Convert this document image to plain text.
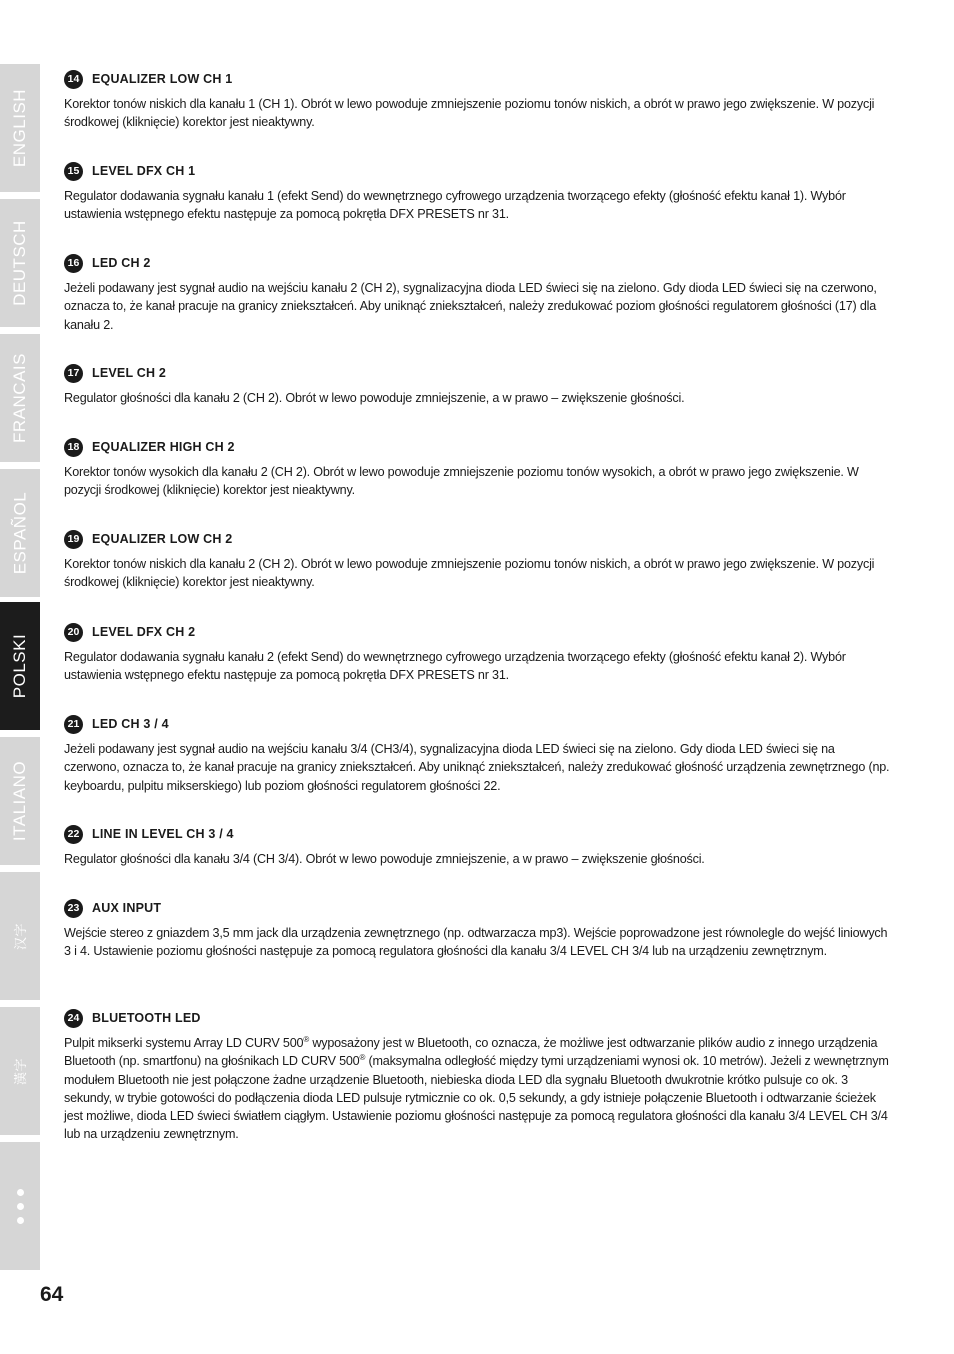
ENGLISH
DEUTSCH
FRANCAIS
ESPAÑOL
POLSKI
ITALIANO
汉字
漢字
14 EQUALIZER LOW CH 1

Korektor tonów niskich dla kanału 1 (CH 1). Obrót w lewo powoduje zmniejszenie poziomu tonów niskich, a obrót w prawo jego zwiększenie. W pozycji środkowej (kliknięcie) korektor jest nieaktywny.

15 LEVEL DFX CH 1

Regulator dodawania sygnału kanału 1 (efekt Send) do wewnętrznego cyfrowego urządzenia tworzącego efekty (głośność efektu kanał 1). Wybór ustawienia wstępnego efektu następuje za pomocą pokrętła DFX PRESETS nr 31.

16 LED CH 2

Jeżeli podawany jest sygnał audio na wejściu kanału 2 (CH 2), sygnalizacyjna dioda LED świeci się na zielono. Gdy dioda LED świeci się na czerwono, oznacza to, że kanał pracuje na granicy zniekształceń. Aby uniknąć zniekształceń, należy zredukować poziom głośności regulatorem głośności (17) dla kanału 2.

17 LEVEL CH 2

Regulator głośności dla kanału 2 (CH 2). Obrót w lewo powoduje zmniejszenie, a w prawo – zwiększenie głośności.

18 EQUALIZER HIGH CH 2

Korektor tonów wysokich dla kanału 2 (CH 2). Obrót w lewo powoduje zmniejszenie poziomu tonów wysokich, a obrót w prawo jego zwiększenie. W pozycji środkowej (kliknięcie) korektor jest nieaktywny.

19 EQUALIZER LOW CH 2

Korektor tonów niskich dla kanału 2 (CH 2). Obrót w lewo powoduje zmniejszenie poziomu tonów niskich, a obrót w prawo jego zwiększenie. W pozycji środkowej (kliknięcie) korektor jest nieaktywny.

20 LEVEL DFX CH 2

Regulator dodawania sygnału kanału 2 (efekt Send) do wewnętrznego cyfrowego urządzenia tworzącego efekty (głośność efektu kanał 2). Wybór ustawienia wstępnego efektu następuje za pomocą pokrętła DFX PRESETS nr 31.

21 LED CH 3 / 4

Jeżeli podawany jest sygnał audio na wejściu kanału 3/4 (CH3/4), sygnalizacyjna dioda LED świeci się na zielono. Gdy dioda LED świeci się na czerwono, oznacza to, że kanał pracuje na granicy zniekształceń. Aby uniknąć zniekształceń, należy zredukować głośność urządzenia zewnętrznego (np. keyboardu, pulpitu mikserskiego) lub poziom głośności regulatorem głośności 22.

22 LINE IN LEVEL CH 3 / 4

Regulator głośności dla kanału 3/4 (CH 3/4). Obrót w lewo powoduje zmniejszenie, a w prawo – zwiększenie głośności.

23 AUX INPUT

Wejście stereo z gniazdem 3,5 mm jack dla urządzenia zewnętrznego (np. odtwarzacza mp3). Wejście poprowadzone jest równolegle do wejść liniowych 3 i 4. Ustawienie poziomu głośności następuje za pomocą regulatora głośności dla kanału 3/4 LEVEL CH 3/4 lub na urządzeniu zewnętrznym.

24 BLUETOOTH LED

Pulpit mikserki systemu Array LD CURV 500® wyposażony jest w Bluetooth, co oznacza, że możliwe jest odtwarzanie plików audio z innego urządzenia Bluetooth (np. smartfonu) na głośnikach LD CURV 500® (maksymalna odległość między tymi urządzeniami wynosi ok. 10 metrów). Jeżeli z wewnętrznym modułem Bluetooth nie jest połączone żadne urządzenie Bluetooth, niebieska dioda LED dla sygnału Bluetooth dwukrotnie krótko pulsuje co ok. 3 sekundy, w trybie gotowości do podłączenia dioda LED pulsuje rytmicznie co ok. 0,5 sekundy, a gdy istnieje połączenie Bluetooth i odtwarzanie ścieżek jest możliwe, dioda LED świeci światłem ciągłym. Ustawienie poziomu głośności następuje za pomocą regulatora głośności dla kanału 3/4 LEVEL CH 3/4 lub na urządzeniu zewnętrznym.

64
